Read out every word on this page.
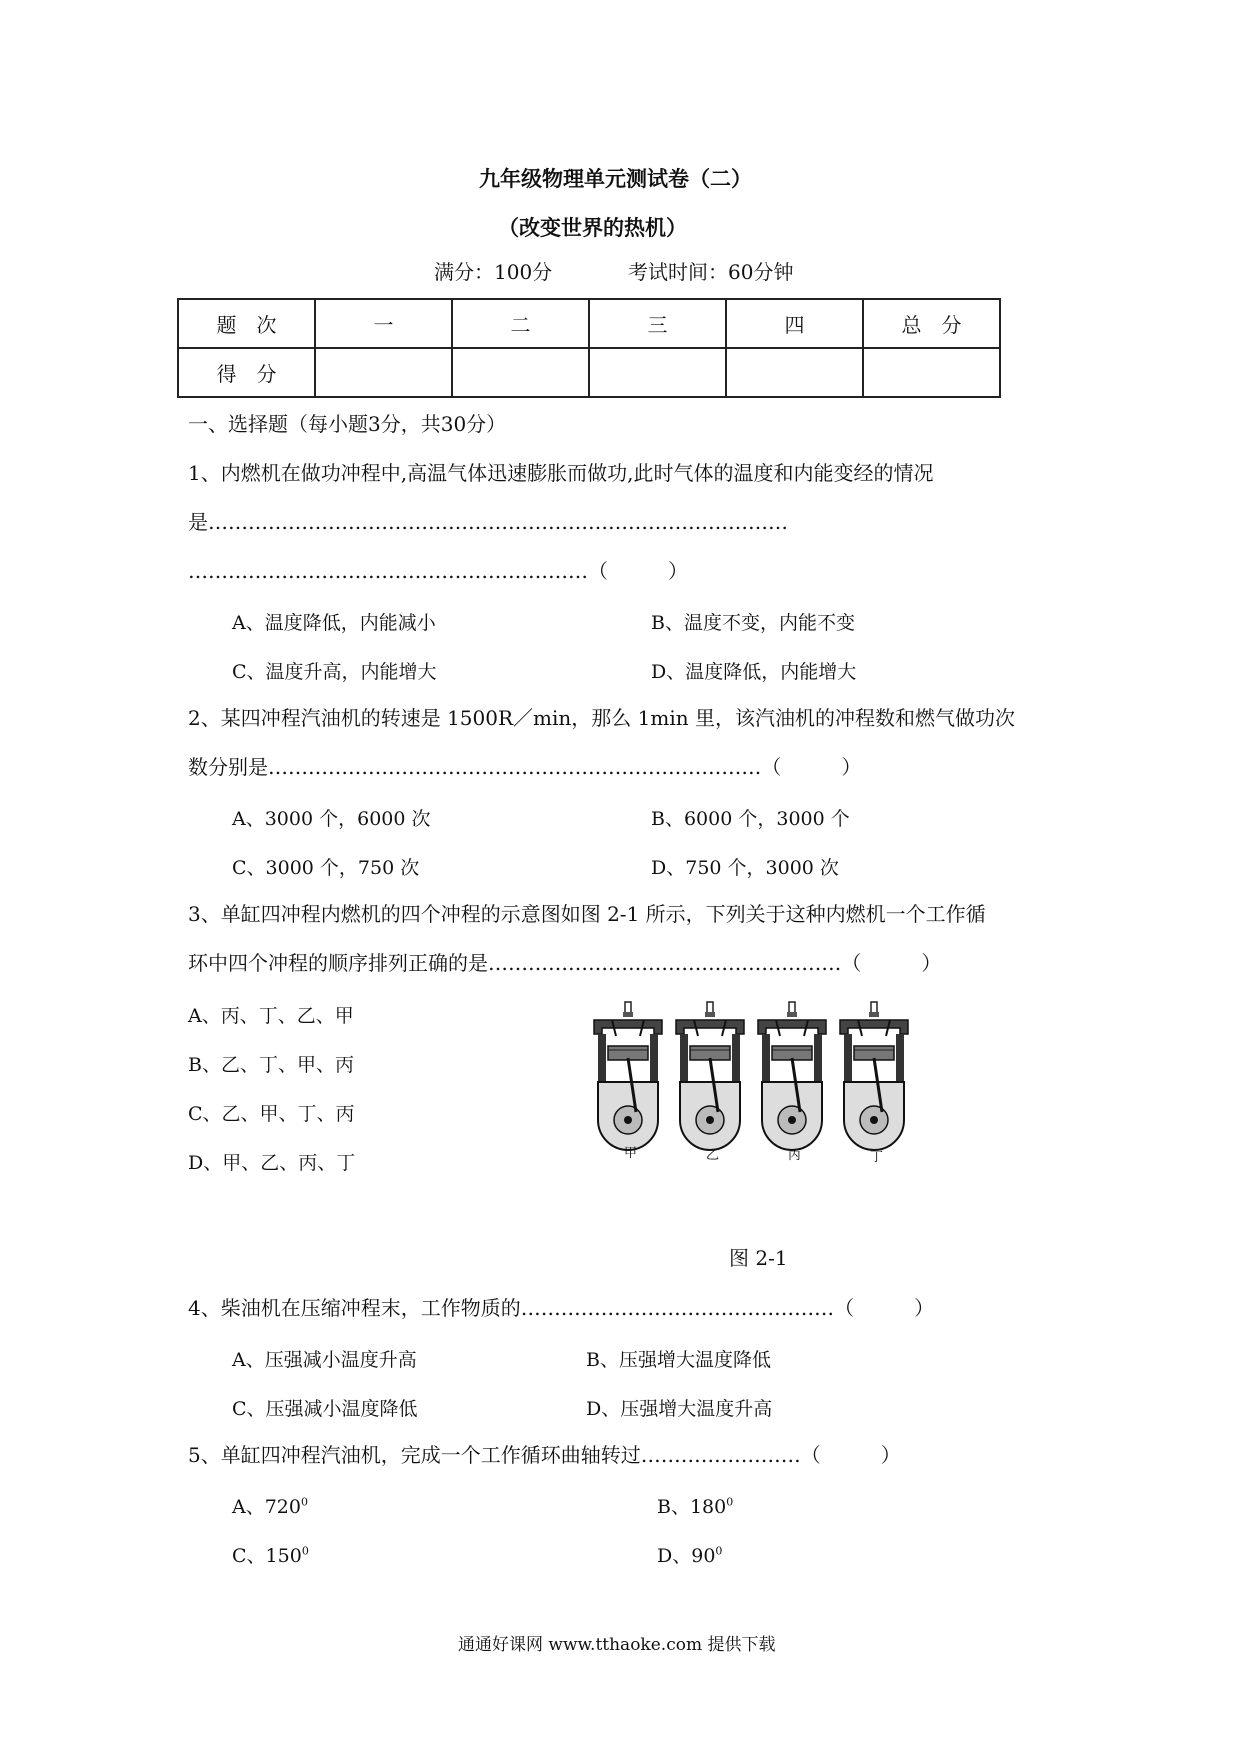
九年级物理单元测试卷（二）
（改变世界的热机）
满分：100分	考试时间：60分钟
题　次	一	二	三	四	总　分
得　分					
一、选择题（每小题3分，共30分）
1、内燃机在做功冲程中,高温气体迅速膨胀而做功,此时气体的温度和内能变经的情况
是……………………………………………………………………………
……………………………………………………（　　　）
A、温度降低，内能减小	B、温度不变，内能不变
C、温度升高，内能增大	D、温度降低，内能增大
2、某四冲程汽油机的转速是 1500R／min，那么 1min 里，该汽油机的冲程数和燃气做功次
数分别是………………………………………………………………‥（　　　）
A、3000 个，6000 次	B、6000 个，3000 个
C、3000 个，750 次	D、750 个，3000 次
3、单缸四冲程内燃机的四个冲程的示意图如图 2-1 所示，下列关于这种内燃机一个工作循
环中四个冲程的顺序排列正确的是……………………………………………‥（　　　）
A、丙、丁、乙、甲
B、乙、丁、甲、丙
C、乙、甲、丁、丙
D、甲、乙、丙、丁	甲	乙	丙	丁
图 2-1
4、柴油机在压缩冲程末，工作物质的………………………………………‥（　　　）
A、压强减小温度升高	B、压强增大温度降低
C、压强减小温度降低	D、压强增大温度升高
5、单缸四冲程汽油机，完成一个工作循环曲轴转过……………………（　　　）
A、$720^0$	B、$180^0$
C、$150^0$	D、$90^0$
通通好课网 www.tthaoke.com 提供下载
